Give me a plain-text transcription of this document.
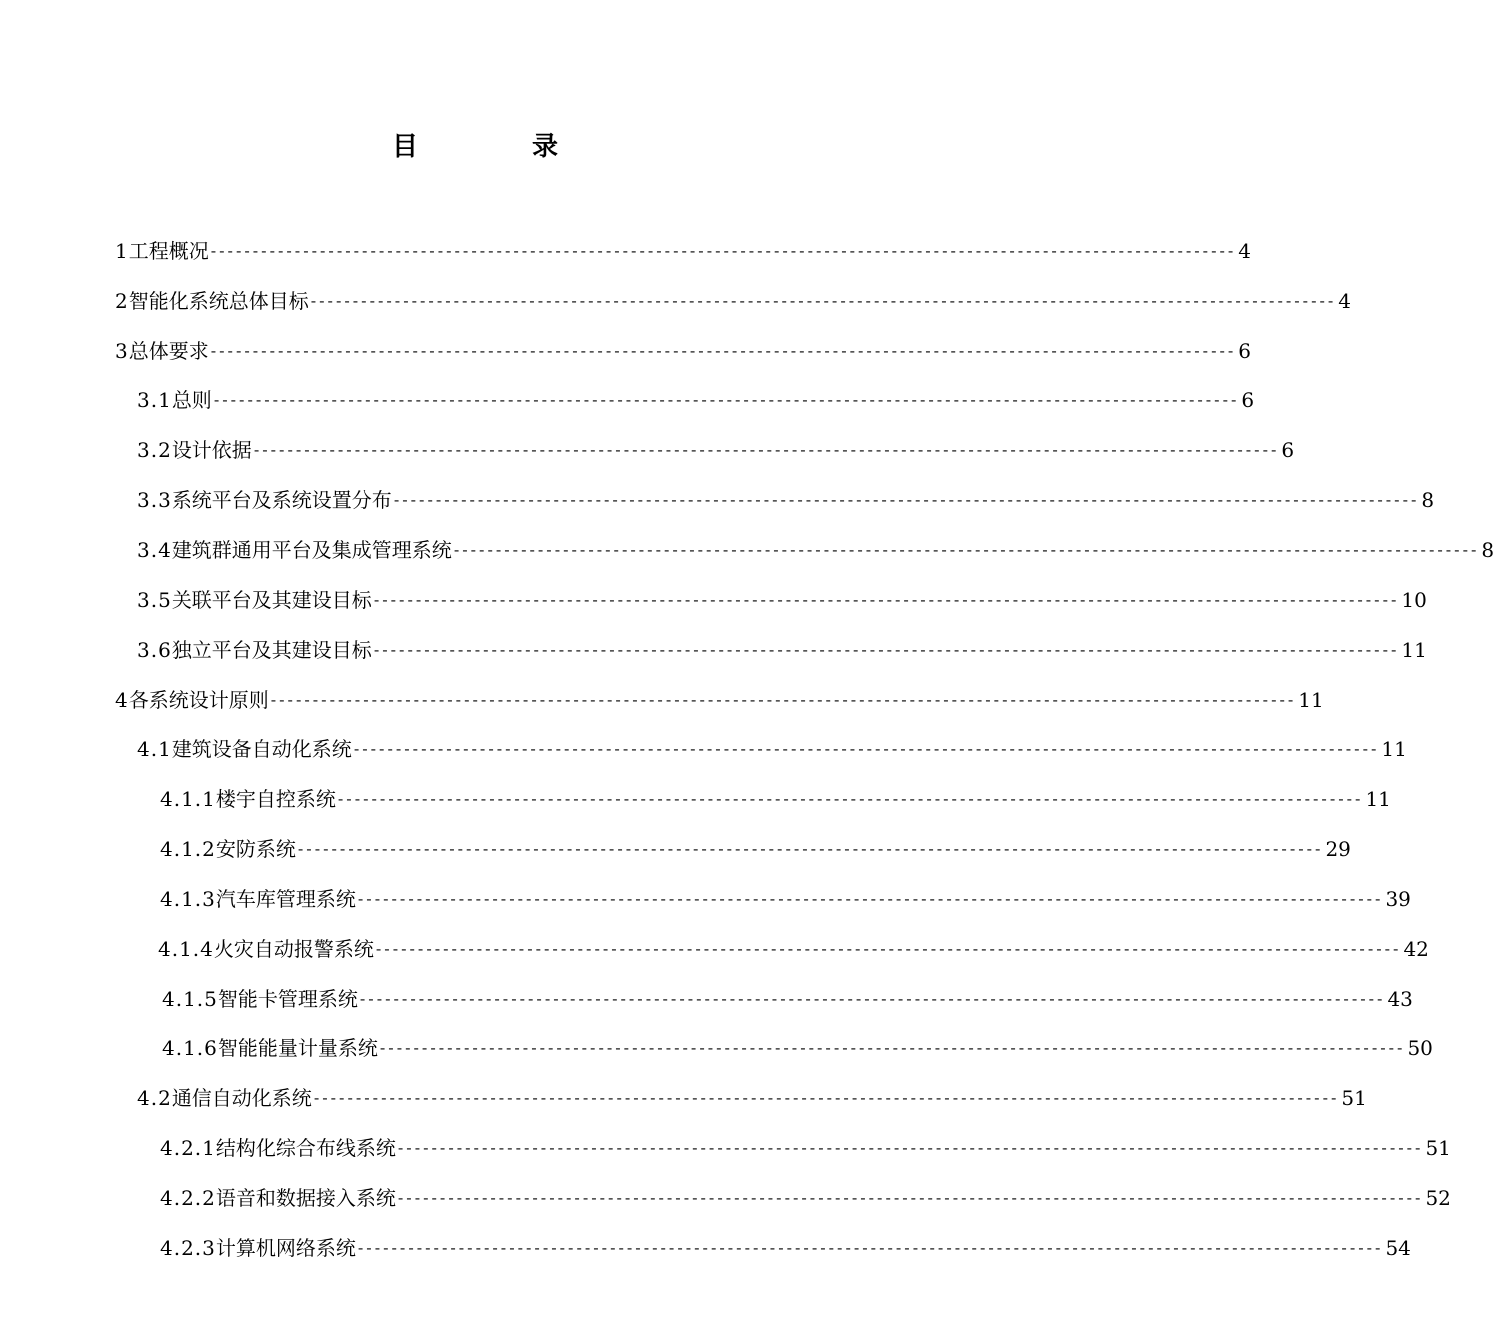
目　录
1 工程概况 -------------------------------------------------------------------------------------------------------------------------- 4
2 智能化系统总体目标 -------------------------------------------------------------------------------------------------------------------------- 4
3 总体要求 -------------------------------------------------------------------------------------------------------------------------- 6
3.1 总则 -------------------------------------------------------------------------------------------------------------------------- 6
3.2 设计依据 -------------------------------------------------------------------------------------------------------------------------- 6
3.3 系统平台及系统设置分布 -------------------------------------------------------------------------------------------------------------------------- 8
3.4 建筑群通用平台及集成管理系统 -------------------------------------------------------------------------------------------------------------------------- 8
3.5 关联平台及其建设目标 -------------------------------------------------------------------------------------------------------------------------- 10
3.6 独立平台及其建设目标 -------------------------------------------------------------------------------------------------------------------------- 11
4 各系统设计原则 -------------------------------------------------------------------------------------------------------------------------- 11
4.1 建筑设备自动化系统 -------------------------------------------------------------------------------------------------------------------------- 11
4.1.1 楼宇自控系统 -------------------------------------------------------------------------------------------------------------------------- 11
4.1.2 安防系统 -------------------------------------------------------------------------------------------------------------------------- 29
4.1.3 汽车库管理系统 -------------------------------------------------------------------------------------------------------------------------- 39
4.1.4 火灾自动报警系统 -------------------------------------------------------------------------------------------------------------------------- 42
4.1.5 智能卡管理系统 -------------------------------------------------------------------------------------------------------------------------- 43
4.1.6 智能能量计量系统 -------------------------------------------------------------------------------------------------------------------------- 50
4.2 通信自动化系统 -------------------------------------------------------------------------------------------------------------------------- 51
4.2.1 结构化综合布线系统 -------------------------------------------------------------------------------------------------------------------------- 51
4.2.2 语音和数据接入系统 -------------------------------------------------------------------------------------------------------------------------- 52
4.2.3 计算机网络系统 -------------------------------------------------------------------------------------------------------------------------- 54
